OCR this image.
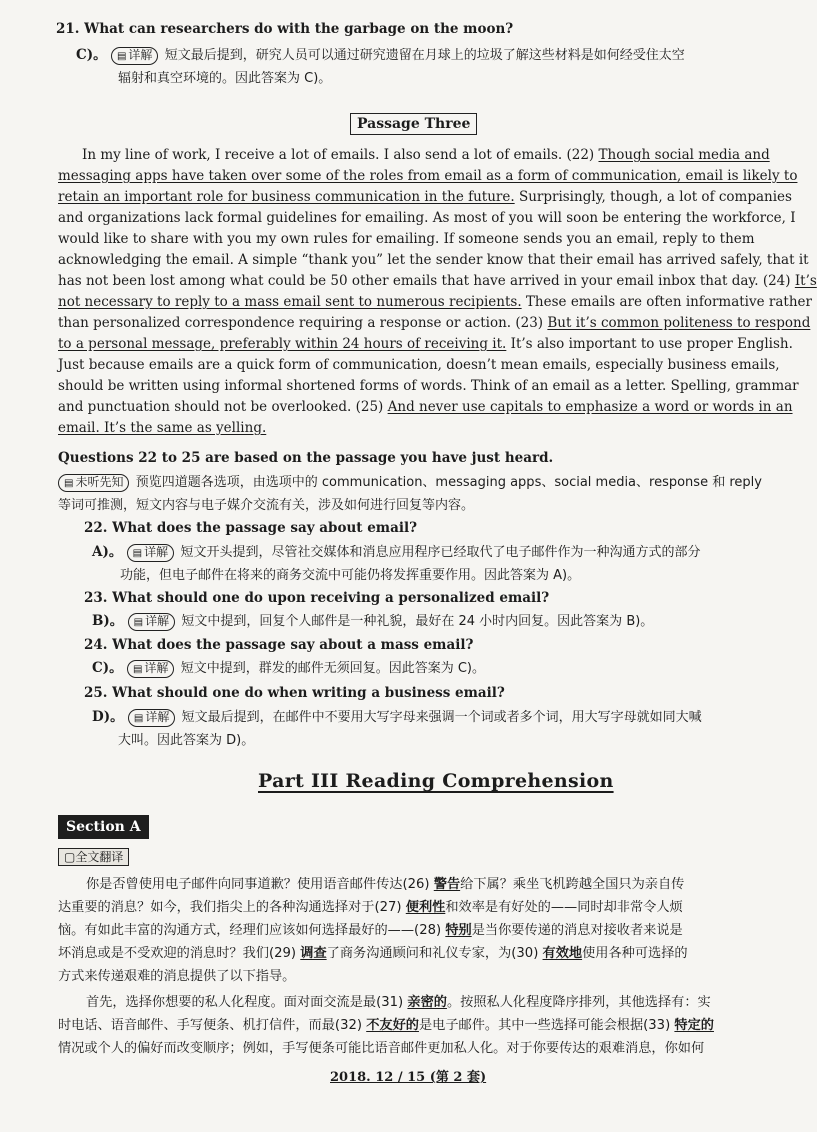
21. What can researchers do with the garbage on the moon?
C)。 ▤ 详解 短文最后提到，研究人员可以通过研究遗留在月球上的垃圾了解这些材料是如何经受住太空
辐射和真空环境的。因此答案为 C)。
Passage Three
In my line of work, I receive a lot of emails. I also send a lot of emails. (22) Though social media and
messaging apps have taken over some of the roles from email as a form of communication, email is likely to
retain an important role for business communication in the future. Surprisingly, though, a lot of companies
and organizations lack formal guidelines for emailing. As most of you will soon be entering the workforce, I
would like to share with you my own rules for emailing. If someone sends you an email, reply to them
acknowledging the email. A simple “thank you” let the sender know that their email has arrived safely, that it
has not been lost among what could be 50 other emails that have arrived in your email inbox that day. (24) It’s
not necessary to reply to a mass email sent to numerous recipients. These emails are often informative rather
than personalized correspondence requiring a response or action. (23) But it’s common politeness to respond
to a personal message, preferably within 24 hours of receiving it. It’s also important to use proper English.
Just because emails are a quick form of communication, doesn’t mean emails, especially business emails,
should be written using informal shortened forms of words. Think of an email as a letter. Spelling, grammar
and punctuation should not be overlooked. (25) And never use capitals to emphasize a word or words in an
email. It’s the same as yelling.
Questions 22 to 25 are based on the passage you have just heard.
▤ 未听先知 预览四道题各选项，由选项中的 communication、messaging apps、social media、response 和 reply
等词可推测，短文内容与电子媒介交流有关，涉及如何进行回复等内容。
22. What does the passage say about email?
A)。 ▤ 详解 短文开头提到，尽管社交媒体和消息应用程序已经取代了电子邮件作为一种沟通方式的部分
功能，但电子邮件在将来的商务交流中可能仍将发挥重要作用。因此答案为 A)。
23. What should one do upon receiving a personalized email?
B)。 ▤ 详解 短文中提到，回复个人邮件是一种礼貌，最好在 24 小时内回复。因此答案为 B)。
24. What does the passage say about a mass email?
C)。 ▤ 详解 短文中提到，群发的邮件无须回复。因此答案为 C)。
25. What should one do when writing a business email?
D)。 ▤ 详解 短文最后提到，在邮件中不要用大写字母来强调一个词或者多个词，用大写字母就如同大喊
大叫。因此答案为 D)。
Part III Reading Comprehension
Section A
▢全文翻译
你是否曾使用电子邮件向同事道歉？使用语音邮件传达(26) 警告给下属？乘坐飞机跨越全国只为亲自传
达重要的消息？如今，我们指尖上的各种沟通选择对于(27) 便利性和效率是有好处的——同时却非常令人烦
恼。有如此丰富的沟通方式，经理们应该如何选择最好的——(28) 特别是当你要传递的消息对接收者来说是
坏消息或是不受欢迎的消息时？我们(29) 调查了商务沟通顾问和礼仪专家，为(30) 有效地使用各种可选择的
方式来传递艰难的消息提供了以下指导。
首先，选择你想要的私人化程度。面对面交流是最(31) 亲密的。按照私人化程度降序排列，其他选择有：实
时电话、语音邮件、手写便条、机打信件，而最(32) 不友好的是电子邮件。其中一些选择可能会根据(33) 特定的
情况或个人的偏好而改变顺序；例如，手写便条可能比语音邮件更加私人化。对于你要传达的艰难消息，你如何
2018. 12 / 15 (第 2 套)
